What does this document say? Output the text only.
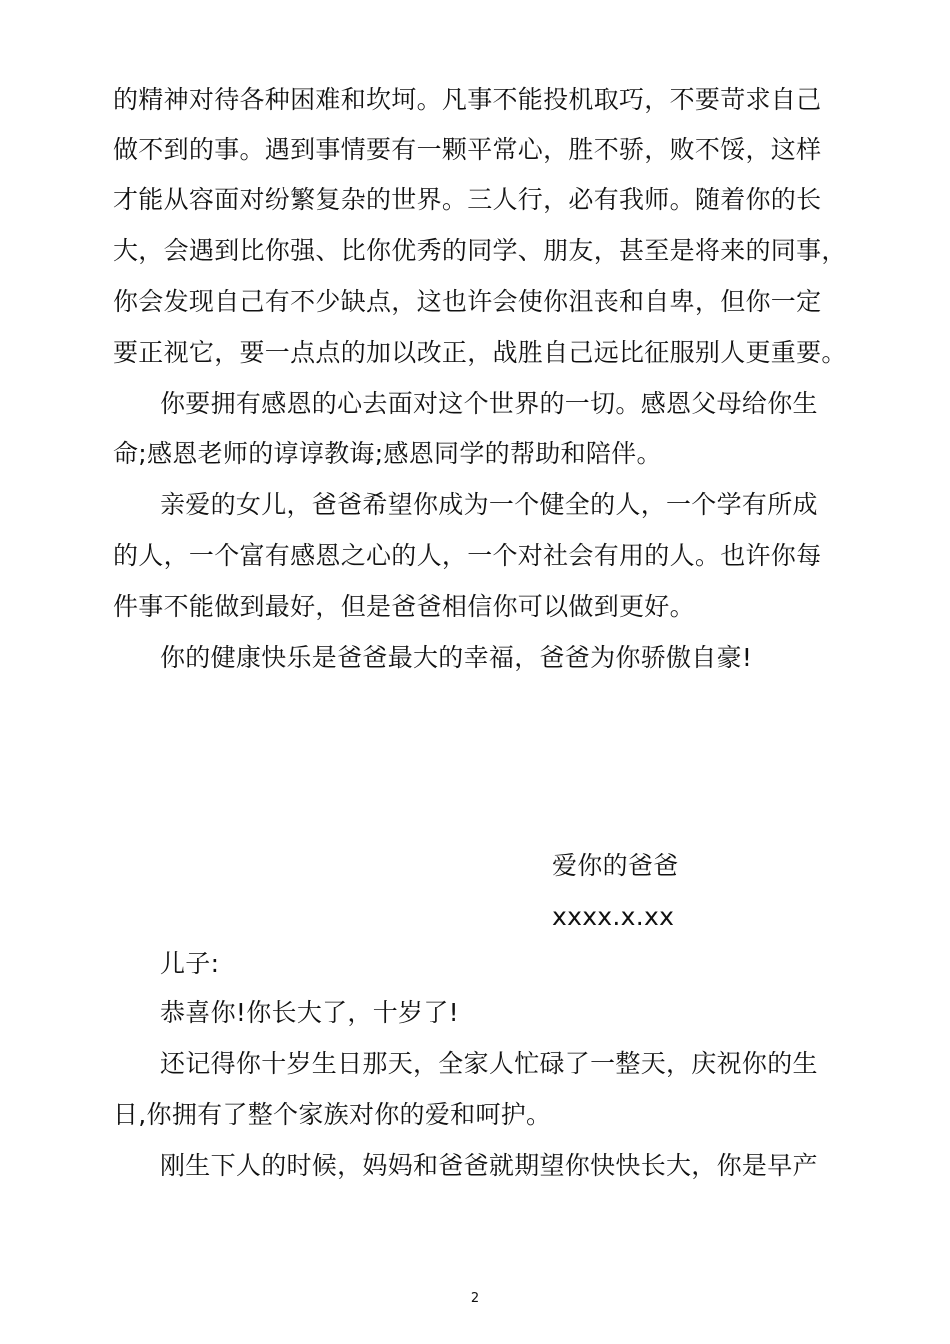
的精神对待各种困难和坎坷。凡事不能投机取巧，不要苛求自己
做不到的事。遇到事情要有一颗平常心，胜不骄，败不馁，这样
才能从容面对纷繁复杂的世界。三人行，必有我师。随着你的长
大，会遇到比你强、比你优秀的同学、朋友，甚至是将来的同事，
你会发现自己有不少缺点，这也许会使你沮丧和自卑，但你一定
要正视它，要一点点的加以改正，战胜自己远比征服别人更重要。
你要拥有感恩的心去面对这个世界的一切。感恩父母给你生
命;感恩老师的谆谆教诲;感恩同学的帮助和陪伴。
亲爱的女儿，爸爸希望你成为一个健全的人，一个学有所成
的人，一个富有感恩之心的人，一个对社会有用的人。也许你每
件事不能做到最好，但是爸爸相信你可以做到更好。
你的健康快乐是爸爸最大的幸福，爸爸为你骄傲自豪!
爱你的爸爸
xxxx.x.xx
儿子:
恭喜你!你长大了，十岁了!
还记得你十岁生日那天，全家人忙碌了一整天，庆祝你的生
日,你拥有了整个家族对你的爱和呵护。
刚生下人的时候，妈妈和爸爸就期望你快快长大，你是早产
2
